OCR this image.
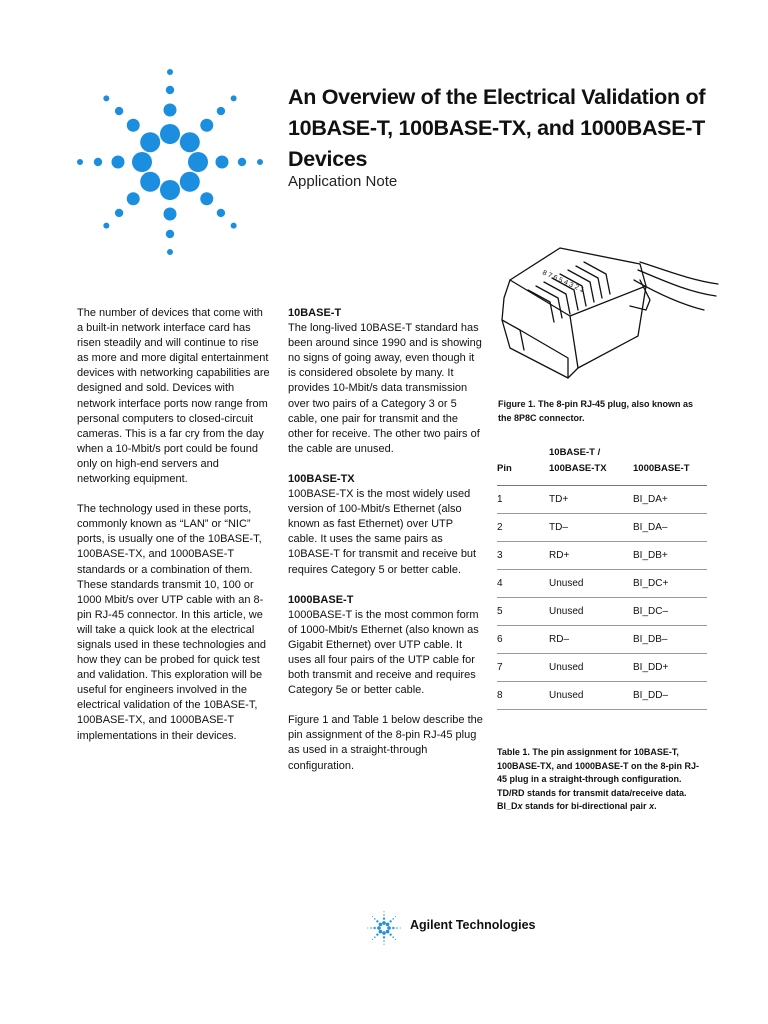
An Overview of the Electrical Validation of 10BASE-T, 100BASE-TX, and 1000BASE-T Devices
Application Note

The number of devices that come with a built-in network interface card has risen steadily and will continue to rise as more and more digital entertainment devices with networking capabilities are designed and sold. Devices with network interface ports now range from personal computers to closed-circuit cameras. This is a far cry from the day when a 10-Mbit/s port could be found only on high-end servers and networking equipment.

The technology used in these ports, commonly known as “LAN” or “NIC” ports, is usually one of the 10BASE-T, 100BASE-TX, and 1000BASE-T standards or a combination of them. These standards transmit 10, 100 or 1000 Mbit/s over UTP cable with an 8-pin RJ-45 connector. In this article, we will take a quick look at the electrical signals used in these technologies and how they can be probed for quick test and validation. This exploration will be useful for engineers involved in the electrical validation of the 10BASE-T, 100BASE-TX, and 1000BASE-T implementations in their devices.

10BASE-T
The long-lived 10BASE-T standard has been around since 1990 and is showing no signs of going away, even though it is considered obsolete by many. It provides 10-Mbit/s data transmission over two pairs of a Category 3 or 5 cable, one pair for transmit and the other for receive. The other two pairs of the cable are unused.
100BASE-TX
100BASE-TX is the most widely used version of 100-Mbit/s Ethernet (also known as fast Ethernet) over UTP cable. It uses the same pairs as 10BASE-T for transmit and receive but requires Category 5 or better cable.
1000BASE-T
1000BASE-T is the most common form of 1000-Mbit/s Ethernet (also known as Gigabit Ethernet) over UTP cable. It uses all four pairs of the UTP cable for both transmit and receive and requires Category 5e or better cable.

Figure 1 and Table 1 below describe the pin assignment of the 8-pin RJ-45 plug as used in a straight-through configuration.

8 7 6 5 4 3 2 1

Figure 1. The 8-pin RJ-45 plug, also known as the 8P8C connector.

Pin	10BASE-T / 100BASE-TX	1000BASE-T
1	TD+	BI_DA+
2	TD–	BI_DA–
3	RD+	BI_DB+
4	Unused	BI_DC+
5	Unused	BI_DC–
6	RD–	BI_DB–
7	Unused	BI_DD+
8	Unused	BI_DD–

Table 1. The pin assignment for 10BASE-T, 100BASE-TX, and 1000BASE-T on the 8-pin RJ-45 plug in a straight-through configuration. TD/RD stands for transmit data/receive data. BI_Dx stands for bi-directional pair x.

Agilent Technologies
